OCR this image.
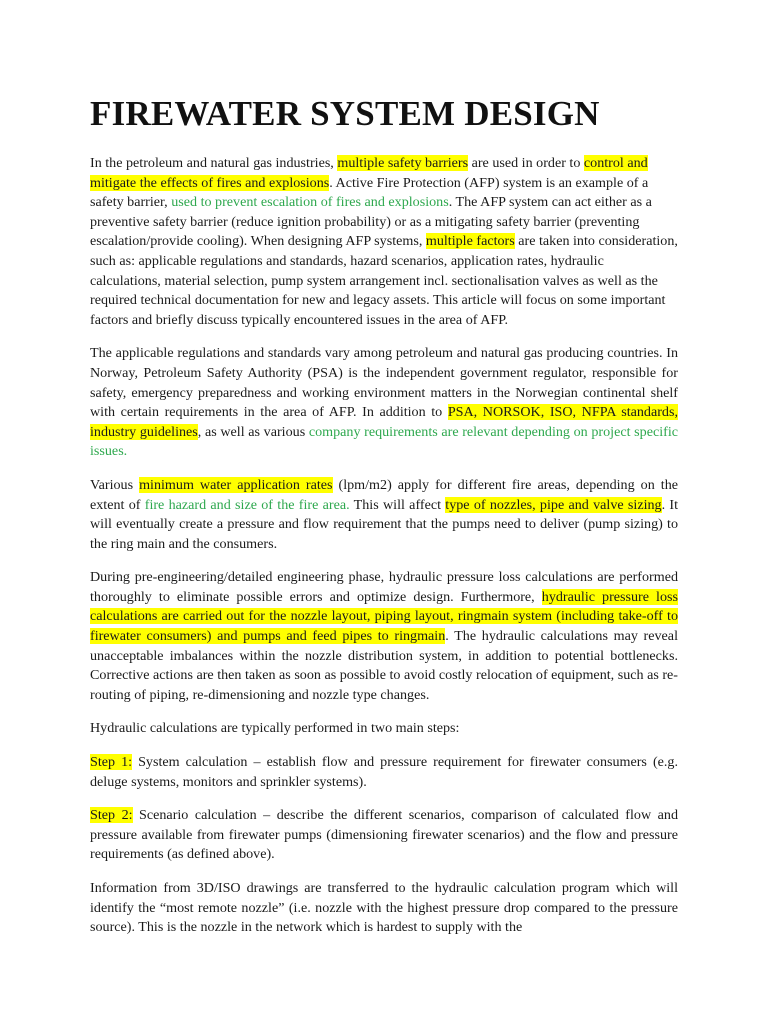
FIREWATER SYSTEM DESIGN

In the petroleum and natural gas industries, multiple safety barriers are used in order to control and mitigate the effects of fires and explosions. Active Fire Protection (AFP) system is an example of a safety barrier, used to prevent escalation of fires and explosions. The AFP system can act either as a preventive safety barrier (reduce ignition probability) or as a mitigating safety barrier (preventing escalation/provide cooling). When designing AFP systems, multiple factors are taken into consideration, such as: applicable regulations and standards, hazard scenarios, application rates, hydraulic calculations, material selection, pump system arrangement incl. sectionalisation valves as well as the required technical documentation for new and legacy assets. This article will focus on some important factors and briefly discuss typically encountered issues in the area of AFP.

The applicable regulations and standards vary among petroleum and natural gas producing countries. In Norway, Petroleum Safety Authority (PSA) is the independent government regulator, responsible for safety, emergency preparedness and working environment matters in the Norwegian continental shelf with certain requirements in the area of AFP. In addition to PSA, NORSOK, ISO, NFPA standards, industry guidelines, as well as various company requirements are relevant depending on project specific issues.

Various minimum water application rates (lpm/m2) apply for different fire areas, depending on the extent of fire hazard and size of the fire area. This will affect type of nozzles, pipe and valve sizing. It will eventually create a pressure and flow requirement that the pumps need to deliver (pump sizing) to the ring main and the consumers.

During pre-engineering/detailed engineering phase, hydraulic pressure loss calculations are performed thoroughly to eliminate possible errors and optimize design. Furthermore, hydraulic pressure loss calculations are carried out for the nozzle layout, piping layout, ringmain system (including take-off to firewater consumers) and pumps and feed pipes to ringmain. The hydraulic calculations may reveal unacceptable imbalances within the nozzle distribution system, in addition to potential bottlenecks. Corrective actions are then taken as soon as possible to avoid costly relocation of equipment, such as re-routing of piping, re-dimensioning and nozzle type changes.

Hydraulic calculations are typically performed in two main steps:

Step 1: System calculation – establish flow and pressure requirement for firewater consumers (e.g. deluge systems, monitors and sprinkler systems).

Step 2: Scenario calculation – describe the different scenarios, comparison of calculated flow and pressure available from firewater pumps (dimensioning firewater scenarios) and the flow and pressure requirements (as defined above).

Information from 3D/ISO drawings are transferred to the hydraulic calculation program which will identify the “most remote nozzle” (i.e. nozzle with the highest pressure drop compared to the pressure source). This is the nozzle in the network which is hardest to supply with the
